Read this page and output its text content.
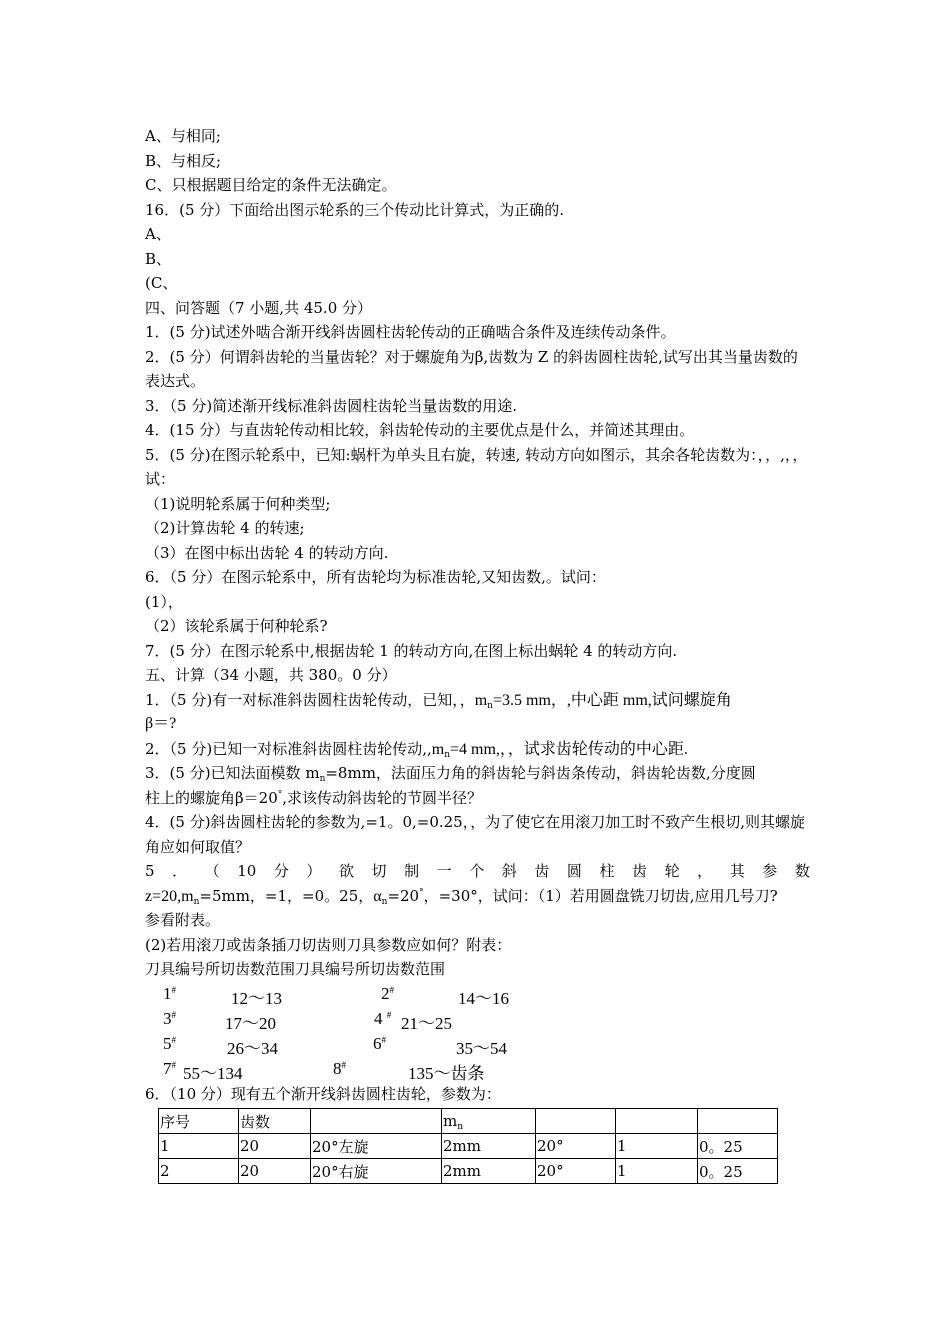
A、与相同;
B、与相反;
C、只根据题目给定的条件无法确定。
16．(5 分）下面给出图示轮系的三个传动比计算式，为正确的.
A、
B、
(C、
四、问答题（7 小题,共 45.0 分）
1．(5 分)试述外啮合渐开线斜齿圆柱齿轮传动的正确啮合条件及连续传动条件。
2．(5 分）何谓斜齿轮的当量齿轮？对于螺旋角为β,齿数为 Z 的斜齿圆柱齿轮,试写出其当量齿数的表达式。
3．（5 分)简述渐开线标准斜齿圆柱齿轮当量齿数的用途.
4．(15 分）与直齿轮传动相比较，斜齿轮传动的主要优点是什么，并简述其理由。
5．(5 分)在图示轮系中，已知:蜗杆为单头且右旋，转速, 转动方向如图示，其余各轮齿数为：，，,，，试：
（1)说明轮系属于何种类型;
（2)计算齿轮 4 的转速;
（3）在图中标出齿轮 4 的转动方向.
6．（5 分）在图示轮系中，所有齿轮均为标准齿轮,又知齿数,。试问：
(1），
（2）该轮系属于何种轮系?
7．(5 分）在图示轮系中,根据齿轮 1 的转动方向,在图上标出蜗轮 4 的转动方向.
五、计算（34 小题，共 380。0 分）
1．（5 分)有一对标准斜齿圆柱齿轮传动，已知，，$m_n=3.5$ mm，,中心距 mm,试问螺旋角
β＝?
2．（5 分)已知一对标准斜齿圆柱齿轮传动$,,m_n=4$ mm,，，试求齿轮传动的中心距.
3．(5 分)已知法面模数 $m_n=8mm$，法面压力角的斜齿轮与斜齿条传动，斜齿轮齿数,分度圆
柱上的螺旋角β＝20°,求该传动斜齿轮的节圆半径？
4．(5 分)斜齿圆柱齿轮的参数为,=1。0,=0.25，，为了使它在用滚刀加工时不致产生根切,则其螺旋角应如何取值？
5 ． （ 10 分 ） 欲 切 制 一 个 斜 齿 圆 柱 齿 轮 ， 其 参 数
$z=20,m_n=5mm$，=1，=0。25，$\alpha_n=20^\circ$，=30°，试问：（1）若用圆盘铣刀切齿,应用几号刀?
参看附表。
(2)若用滚刀或齿条插刀切齿则刀具参数应如何？附表：
刀具编号所切齿数范围刀具编号所切齿数范围
1#	12～13	2#	14～16
3#	17～20	4 # 21～25
5#	26～34	6#	35～54
7# 55～134	8#	135～齿条
6．（10 分）现有五个渐开线斜齿圆柱齿轮，参数为：
序号	齿数		$m_n$			
1	20	20°左旋	2mm	20°	1	0。25
2	20	20°右旋	2mm	20°	1	0。25
